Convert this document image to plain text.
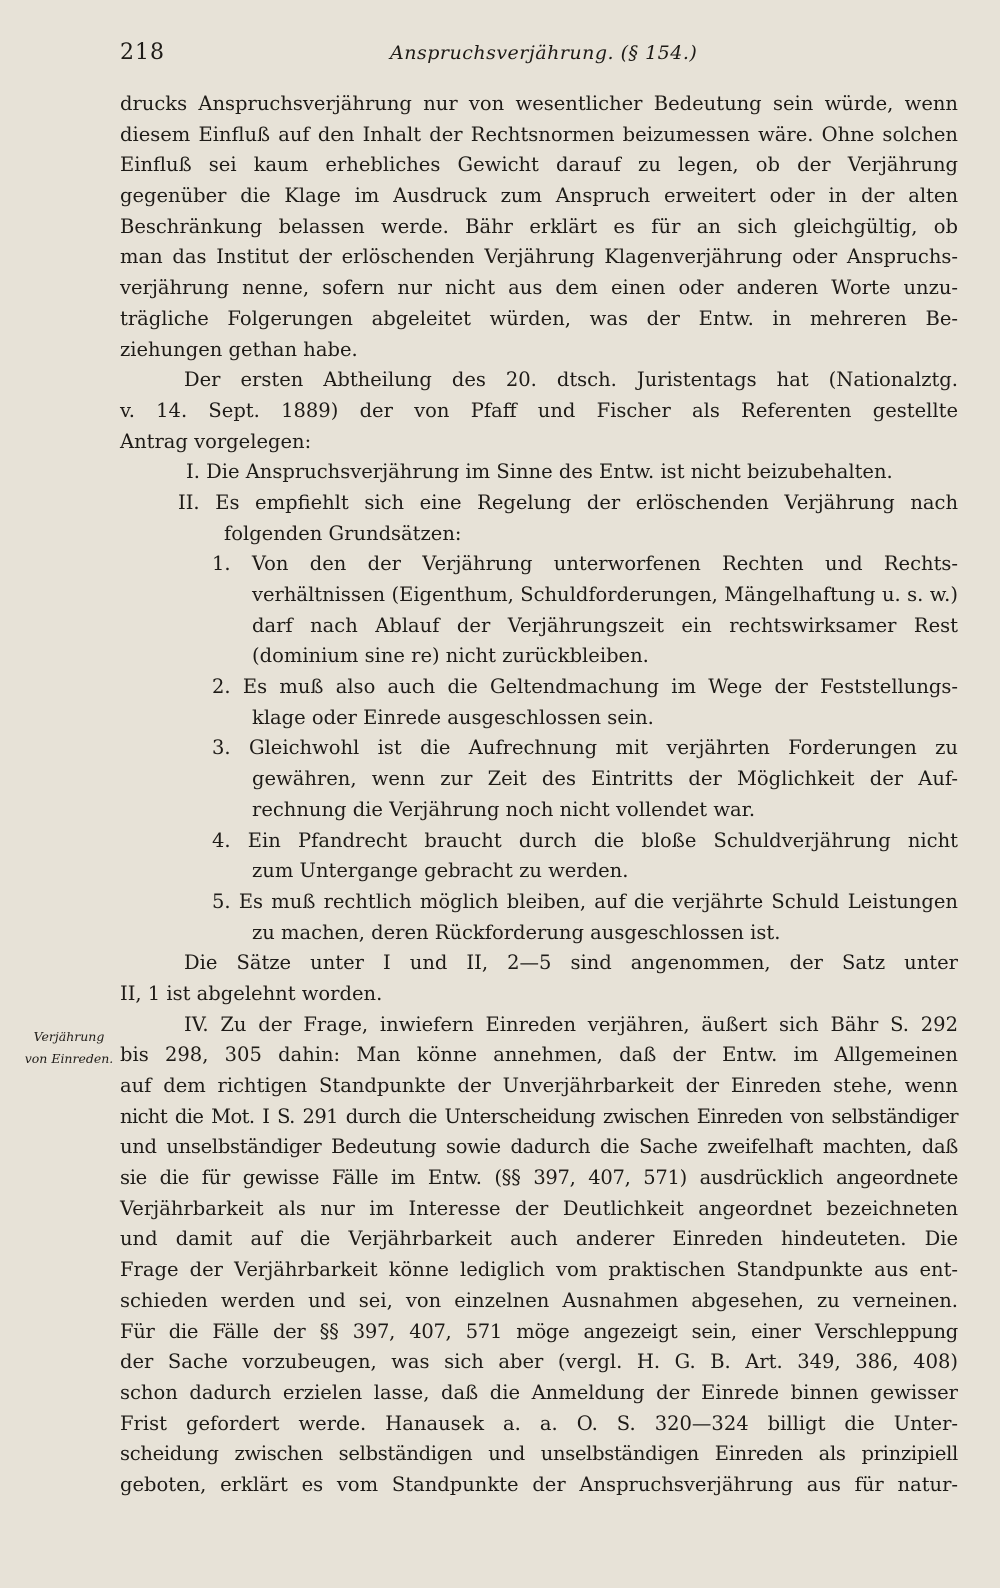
218	Anspruchsverjährung. (§ 154.)
Verjährung
von Einreden.
drucks Anspruchsverjährung nur von wesentlicher Bedeutung sein würde, wenn
diesem Einfluß auf den Inhalt der Rechtsnormen beizumessen wäre. Ohne solchen
Einfluß sei kaum erhebliches Gewicht darauf zu legen, ob der Verjährung
gegenüber die Klage im Ausdruck zum Anspruch erweitert oder in der alten
Beschränkung belassen werde. Bähr erklärt es für an sich gleichgültig, ob
man das Institut der erlöschenden Verjährung Klagenverjährung oder Anspruchs-
verjährung nenne, sofern nur nicht aus dem einen oder anderen Worte unzu-
trägliche Folgerungen abgeleitet würden, was der Entw. in mehreren Be-
ziehungen gethan habe.
Der ersten Abtheilung des 20. dtsch. Juristentags hat (Nationalztg.
v. 14. Sept. 1889) der von Pfaff und Fischer als Referenten gestellte
Antrag vorgelegen:
I. Die Anspruchsverjährung im Sinne des Entw. ist nicht beizubehalten.
II. Es empfiehlt sich eine Regelung der erlöschenden Verjährung nach
folgenden Grundsätzen:
1. Von den der Verjährung unterworfenen Rechten und Rechts-
verhältnissen (Eigenthum, Schuldforderungen, Mängelhaftung u. s. w.)
darf nach Ablauf der Verjährungszeit ein rechtswirksamer Rest
(dominium sine re) nicht zurückbleiben.
2. Es muß also auch die Geltendmachung im Wege der Feststellungs-
klage oder Einrede ausgeschlossen sein.
3. Gleichwohl ist die Aufrechnung mit verjährten Forderungen zu
gewähren, wenn zur Zeit des Eintritts der Möglichkeit der Auf-
rechnung die Verjährung noch nicht vollendet war.
4. Ein Pfandrecht braucht durch die bloße Schuldverjährung nicht
zum Untergange gebracht zu werden.
5. Es muß rechtlich möglich bleiben, auf die verjährte Schuld Leistungen
zu machen, deren Rückforderung ausgeschlossen ist.
Die Sätze unter I und II, 2—5 sind angenommen, der Satz unter
II, 1 ist abgelehnt worden.
IV. Zu der Frage, inwiefern Einreden verjähren, äußert sich Bähr S. 292
bis 298, 305 dahin: Man könne annehmen, daß der Entw. im Allgemeinen
auf dem richtigen Standpunkte der Unverjährbarkeit der Einreden stehe, wenn
nicht die Mot. I S. 291 durch die Unterscheidung zwischen Einreden von selbständiger
und unselbständiger Bedeutung sowie dadurch die Sache zweifelhaft machten, daß
sie die für gewisse Fälle im Entw. (§§ 397, 407, 571) ausdrücklich angeordnete
Verjährbarkeit als nur im Interesse der Deutlichkeit angeordnet bezeichneten
und damit auf die Verjährbarkeit auch anderer Einreden hindeuteten. Die
Frage der Verjährbarkeit könne lediglich vom praktischen Standpunkte aus ent-
schieden werden und sei, von einzelnen Ausnahmen abgesehen, zu verneinen.
Für die Fälle der §§ 397, 407, 571 möge angezeigt sein, einer Verschleppung
der Sache vorzubeugen, was sich aber (vergl. H. G. B. Art. 349, 386, 408)
schon dadurch erzielen lasse, daß die Anmeldung der Einrede binnen gewisser
Frist gefordert werde. Hanausek a. a. O. S. 320—324 billigt die Unter-
scheidung zwischen selbständigen und unselbständigen Einreden als prinzipiell
geboten, erklärt es vom Standpunkte der Anspruchsverjährung aus für natur-
